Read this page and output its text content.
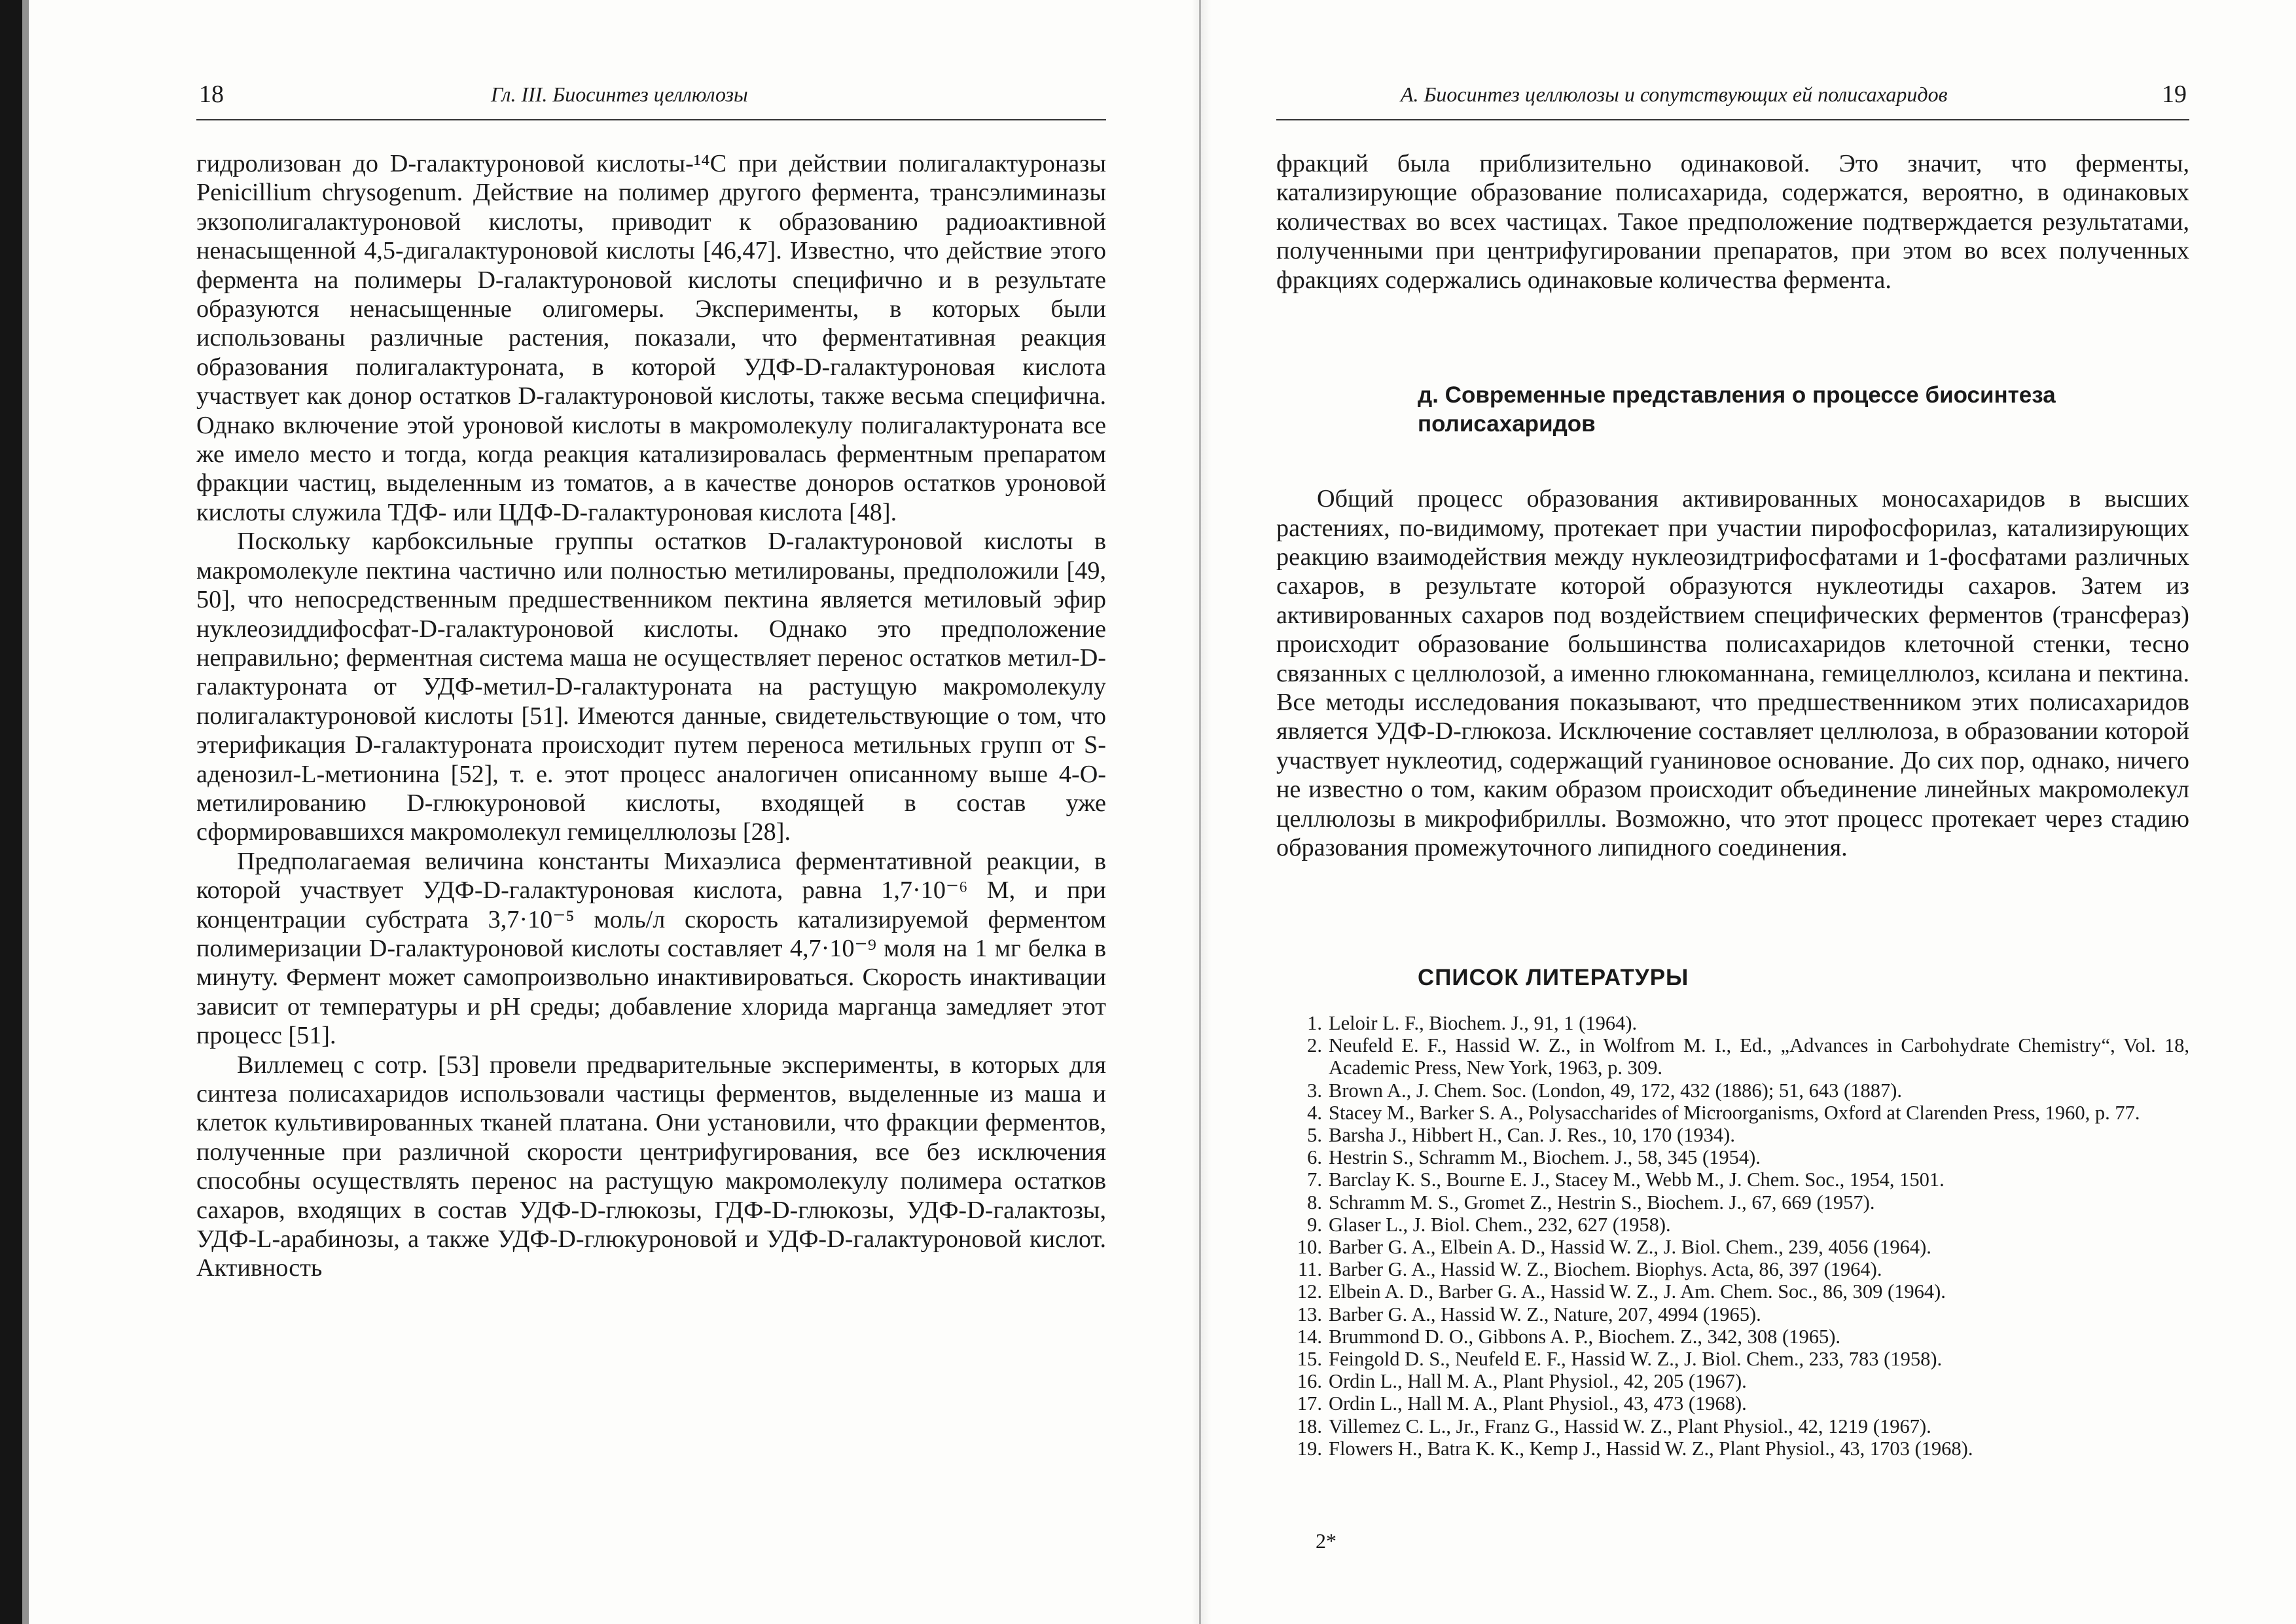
18	Гл. III. Биосинтез целлюлозы

гидролизован до D-галактуроновой кислоты-¹⁴С при действии полигалактуроназы Penicillium chrysogenum. Действие на полимер другого фермента, трансэлиминазы экзополигалактуроновой кислоты, приводит к образованию радиоактивной ненасыщенной 4,5-дигалактуроновой кислоты [46,47]. Известно, что действие этого фермента на полимеры D-галактуроновой кислоты специфично и в результате образуются ненасыщенные олигомеры. Эксперименты, в которых были использованы различные растения, показали, что ферментативная реакция образования полигалактуроната, в которой УДФ-D-галактуроновая кислота участвует как донор остатков D-галактуроновой кислоты, также весьма специфична. Однако включение этой уроновой кислоты в макромолекулу полигалактуроната все же имело место и тогда, когда реакция катализировалась ферментным препаратом фракции частиц, выделенным из томатов, а в качестве доноров остатков уроновой кислоты служила ТДФ- или ЦДФ-D-галактуроновая кислота [48].

Поскольку карбоксильные группы остатков D-галактуроновой кислоты в макромолекуле пектина частично или полностью метилированы, предположили [49, 50], что непосредственным предшественником пектина является метиловый эфир нуклеозиддифосфат-D-галактуроновой кислоты. Однако это предположение неправильно; ферментная система маша не осуществляет перенос остатков метил-D-галактуроната от УДФ-метил-D-галактуроната на растущую макромолекулу полигалактуроновой кислоты [51]. Имеются данные, свидетельствующие о том, что этерификация D-галактуроната происходит путем переноса метильных групп от S-аденозил-L-метионина [52], т. е. этот процесс аналогичен описанному выше 4-O-метилированию D-глюкуроновой кислоты, входящей в состав уже сформировавшихся макромолекул гемицеллюлозы [28].

Предполагаемая величина константы Михаэлиса ферментативной реакции, в которой участвует УДФ-D-галактуроновая кислота, равна 1,7·10⁻⁶ М, и при концентрации субстрата 3,7·10⁻⁵ моль/л скорость катализируемой ферментом полимеризации D-галактуроновой кислоты составляет 4,7·10⁻⁹ моля на 1 мг белка в минуту. Фермент может самопроизвольно инактивироваться. Скорость инактивации зависит от температуры и pH среды; добавление хлорида марганца замедляет этот процесс [51].

Виллемец с сотр. [53] провели предварительные эксперименты, в которых для синтеза полисахаридов использовали частицы ферментов, выделенные из маша и клеток культивированных тканей платана. Они установили, что фракции ферментов, полученные при различной скорости центрифугирования, все без исключения способны осуществлять перенос на растущую макромолекулу полимера остатков сахаров, входящих в состав УДФ-D-глюкозы, ГДФ-D-глюкозы, УДФ-D-галактозы, УДФ-L-арабинозы, а также УДФ-D-глюкуроновой и УДФ-D-галактуроновой кислот. Активность

А. Биосинтез целлюлозы и сопутствующих ей полисахаридов	19

фракций была приблизительно одинаковой. Это значит, что ферменты, катализирующие образование полисахарида, содержатся, вероятно, в одинаковых количествах во всех частицах. Такое предположение подтверждается результатами, полученными при центрифугировании препаратов, при этом во всех полученных фракциях содержались одинаковые количества фермента.

д. Современные представления о процессе биосинтеза полисахаридов

Общий процесс образования активированных моносахаридов в высших растениях, по-видимому, протекает при участии пирофосфорилаз, катализирующих реакцию взаимодействия между нуклеозидтрифосфатами и 1-фосфатами различных сахаров, в результате которой образуются нуклеотиды сахаров. Затем из активированных сахаров под воздействием специфических ферментов (трансфераз) происходит образование большинства полисахаридов клеточной стенки, тесно связанных с целлюлозой, а именно глюкоманнана, гемицеллюлоз, ксилана и пектина. Все методы исследования показывают, что предшественником этих полисахаридов является УДФ-D-глюкоза. Исключение составляет целлюлоза, в образовании которой участвует нуклеотид, содержащий гуаниновое основание. До сих пор, однако, ничего не известно о том, каким образом происходит объединение линейных макромолекул целлюлозы в микрофибриллы. Возможно, что этот процесс протекает через стадию образования промежуточного липидного соединения.

СПИСОК ЛИТЕРАТУРЫ
1. Leloir L. F., Biochem. J., 91, 1 (1964).
2. Neufeld E. F., Hassid W. Z., in Wolfrom M. I., Ed., „Advances in Carbohydrate Chemistry“, Vol. 18, Academic Press, New York, 1963, p. 309.
3. Brown A., J. Chem. Soc. (London, 49, 172, 432 (1886); 51, 643 (1887).
4. Stacey M., Barker S. A., Polysaccharides of Microorganisms, Oxford at Clarenden Press, 1960, p. 77.
5. Barsha J., Hibbert H., Can. J. Res., 10, 170 (1934).
6. Hestrin S., Schramm M., Biochem. J., 58, 345 (1954).
7. Barclay K. S., Bourne E. J., Stacey M., Webb M., J. Chem. Soc., 1954, 1501.
8. Schramm M. S., Gromet Z., Hestrin S., Biochem. J., 67, 669 (1957).
9. Glaser L., J. Biol. Chem., 232, 627 (1958).
10. Barber G. A., Elbein A. D., Hassid W. Z., J. Biol. Chem., 239, 4056 (1964).
11. Barber G. A., Hassid W. Z., Biochem. Biophys. Acta, 86, 397 (1964).
12. Elbein A. D., Barber G. A., Hassid W. Z., J. Am. Chem. Soc., 86, 309 (1964).
13. Barber G. A., Hassid W. Z., Nature, 207, 4994 (1965).
14. Brummond D. O., Gibbons A. P., Biochem. Z., 342, 308 (1965).
15. Feingold D. S., Neufeld E. F., Hassid W. Z., J. Biol. Chem., 233, 783 (1958).
16. Ordin L., Hall M. A., Plant Physiol., 42, 205 (1967).
17. Ordin L., Hall M. A., Plant Physiol., 43, 473 (1968).
18. Villemez C. L., Jr., Franz G., Hassid W. Z., Plant Physiol., 42, 1219 (1967).
19. Flowers H., Batra K. K., Kemp J., Hassid W. Z., Plant Physiol., 43, 1703 (1968).
2*
